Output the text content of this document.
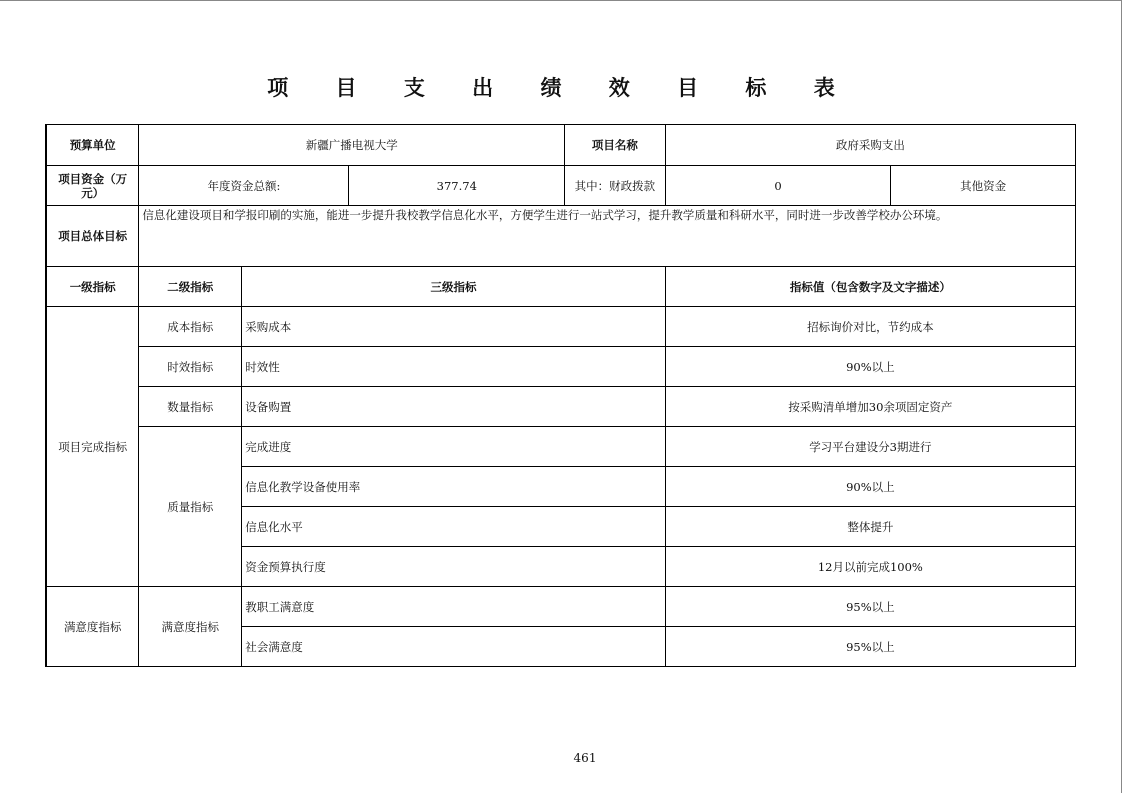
项 目 支 出 绩 效 目 标 表
预算单位	新疆广播电视大学			项目名称	政府采购支出	
项目资金（万元）	年度资金总额:		377.74	其中：财政拨款	0	其他资金
项目总体目标	信息化建设项目和学报印刷的实施，能进一步提升我校教学信息化水平，方便学生进行一站式学习，提升教学质量和科研水平，同时进一步改善学校办公环境。					
一级指标	二级指标	三级指标			指标值（包含数字及文字描述）	
项目完成指标	成本指标	采购成本			招标询价对比，节约成本	
	时效指标	时效性			90%以上	
	数量指标	设备购置			按采购清单增加30余项固定资产	
	质量指标	完成进度			学习平台建设分3期进行	
		信息化教学设备使用率			90%以上	
		信息化水平			整体提升	
		资金预算执行度			12月以前完成100%	
满意度指标	满意度指标	教职工满意度			95%以上	
		社会满意度			95%以上	
461
